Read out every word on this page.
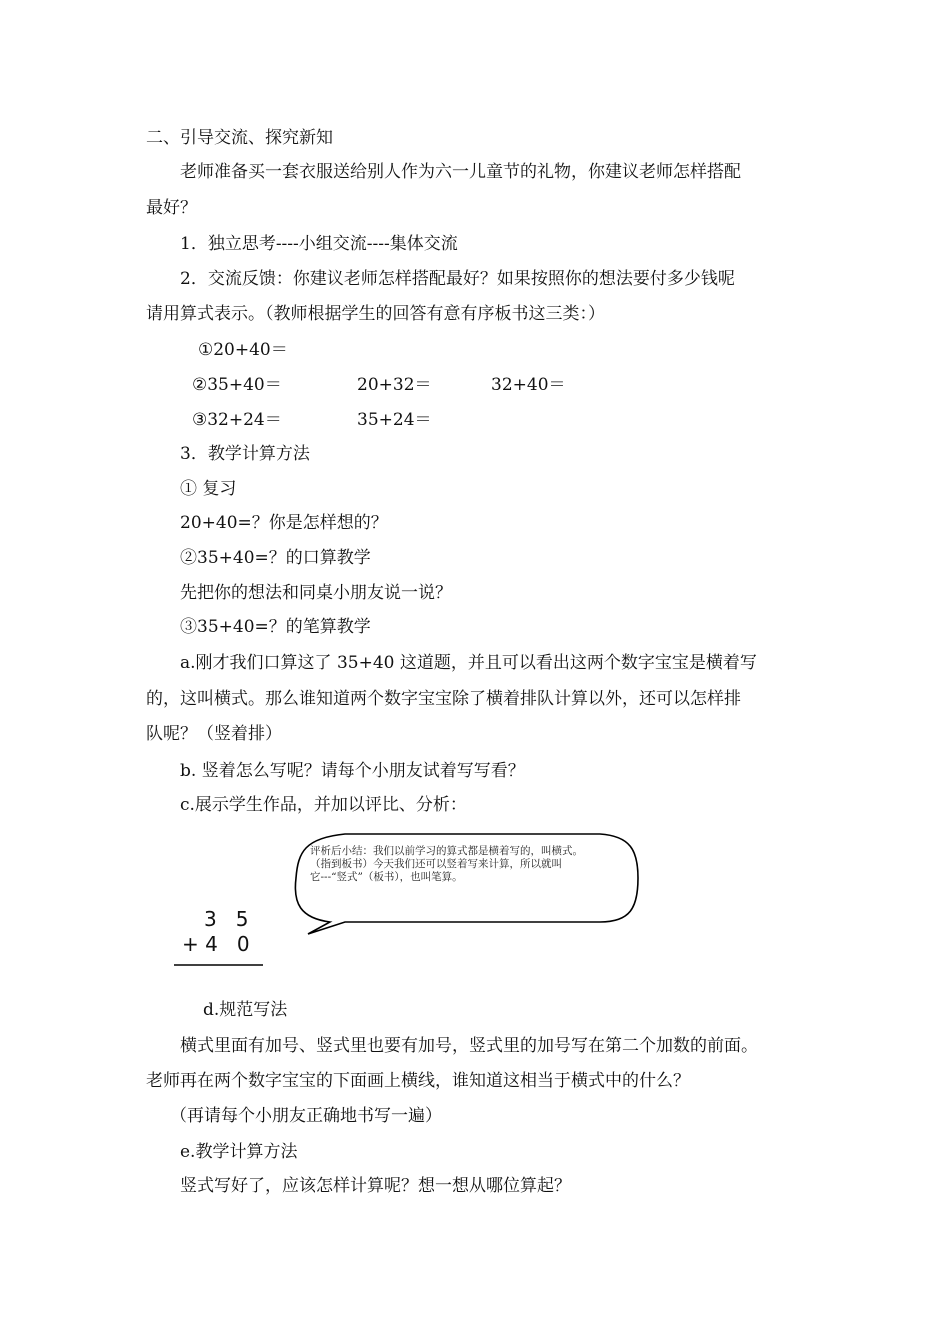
二、引导交流、探究新知
老师准备买一套衣服送给别人作为六一儿童节的礼物，你建议老师怎样搭配
最好？
1．独立思考----小组交流----集体交流
2．交流反馈：你建议老师怎样搭配最好？如果按照你的想法要付多少钱呢
请用算式表示。（教师根据学生的回答有意有序板书这三类：）
①20+40＝
②35+40＝	20+32＝	32+40＝
③32+24＝	35+24＝
3．教学计算方法
① 复习
20+40=？你是怎样想的？
②35+40=？的口算教学
先把你的想法和同桌小朋友说一说？
③35+40=？的笔算教学
a.刚才我们口算这了 35+40 这道题，并且可以看出这两个数字宝宝是横着写
的，这叫横式。那么谁知道两个数字宝宝除了横着排队计算以外，还可以怎样排
队呢？（竖着排）
b. 竖着怎么写呢？请每个小朋友试着写写看？
c.展示学生作品，并加以评比、分析：
评析后小结：我们以前学习的算式都是横着写的，叫横式。
（指到板书）今天我们还可以竖着写来计算，所以就叫
它---“竖式”（板书），也叫笔算。
3   5
+ 4   0
d.规范写法
横式里面有加号、竖式里也要有加号，竖式里的加号写在第二个加数的前面。
老师再在两个数字宝宝的下面画上横线，谁知道这相当于横式中的什么？
（再请每个小朋友正确地书写一遍）
e.教学计算方法
竖式写好了，应该怎样计算呢？想一想从哪位算起？
